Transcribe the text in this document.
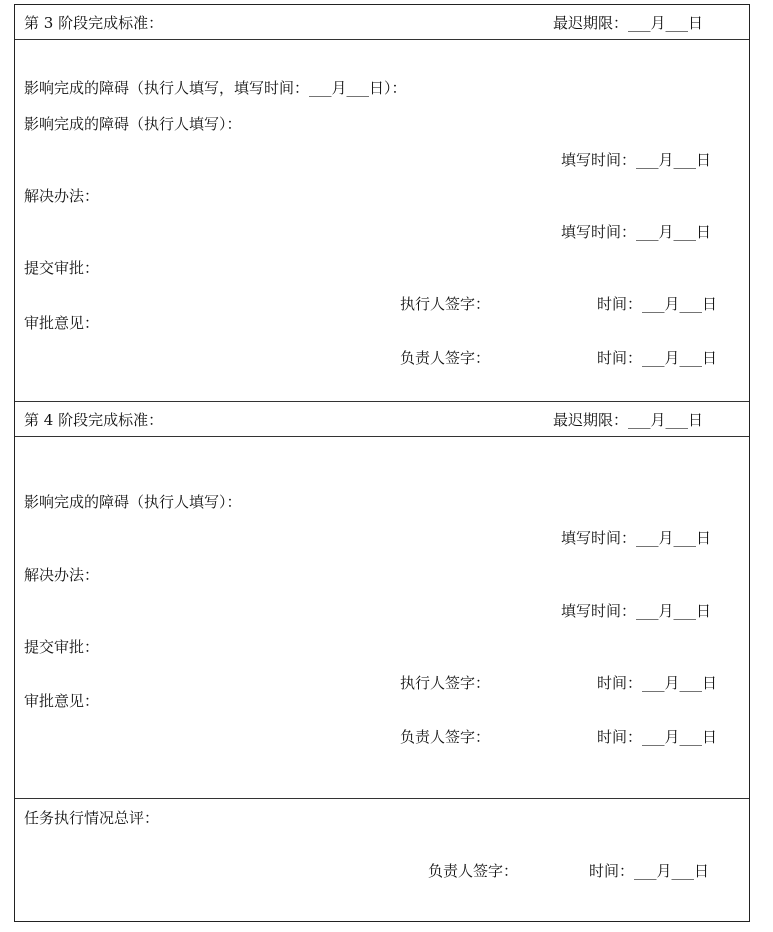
第 3 阶段完成标准：	最迟期限：___月___日
影响完成的障碍（执行人填写，填写时间：___月___日）：
影响完成的障碍（执行人填写）：
填写时间：___月___日
解决办法：
填写时间：___月___日
提交审批：
执行人签字：	时间：___月___日
审批意见：
负责人签字：	时间：___月___日
第 4 阶段完成标准：	最迟期限：___月___日
影响完成的障碍（执行人填写）：
填写时间：___月___日
解决办法：
填写时间：___月___日
提交审批：
执行人签字：	时间：___月___日
审批意见：
负责人签字：	时间：___月___日
任务执行情况总评：
负责人签字：	时间：___月___日
